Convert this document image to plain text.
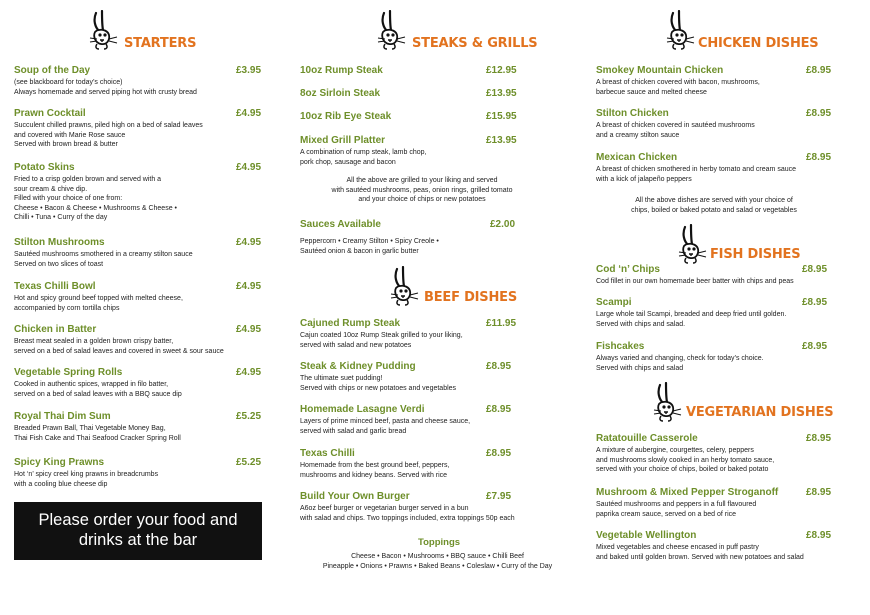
STARTERS
Soup of the Day	£3.95
(see blackboard for today’s choice)
Always homemade and served piping hot with crusty bread
Prawn Cocktail	£4.95
Succulent chilled prawns, piled high on a bed of salad leaves
and covered with Marie Rose sauce
Served with brown bread & butter
Potato Skins	£4.95
Fried to a crisp golden brown and served with a
sour cream & chive dip.
Filled with your choice of one from:
Cheese • Bacon & Cheese • Mushrooms & Cheese •
Chilli • Tuna • Curry of the day
Stilton Mushrooms	£4.95
Sautéed mushrooms smothered in a creamy stilton sauce
Served on two slices of toast
Texas Chilli Bowl	£4.95
Hot and spicy ground beef topped with melted cheese,
accompanied by corn tortilla chips
Chicken in Batter	£4.95
Breast meat sealed in a golden brown crispy batter,
served on a bed of salad leaves and covered in sweet & sour sauce
Vegetable Spring Rolls	£4.95
Cooked in authentic spices, wrapped in filo batter,
served on a bed of salad leaves with a BBQ sauce dip
Royal Thai Dim Sum	£5.25
Breaded Prawn Ball, Thai Vegetable Money Bag,
Thai Fish Cake and Thai Seafood Cracker Spring Roll
Spicy King Prawns	£5.25
Hot ‘n’ spicy creel king prawns in breadcrumbs
with a cooling blue cheese dip
Please order your food and
drinks at the bar
STEAKS & GRILLS
10oz Rump Steak	£12.95
8oz Sirloin Steak	£13.95
10oz Rib Eye Steak	£15.95
Mixed Grill Platter	£13.95
A combination of rump steak, lamb chop,
pork chop, sausage and bacon
All the above are grilled to your liking and served
with sautéed mushrooms, peas, onion rings, grilled tomato
and your choice of chips or new potatoes
Sauces Available	£2.00
Peppercorn • Creamy Stilton • Spicy Creole •
Sautéed onion & bacon in garlic butter
BEEF DISHES
Cajuned Rump Steak	£11.95
Cajun coated 10oz Rump Steak grilled to your liking,
served with salad and new potatoes
Steak & Kidney Pudding	£8.95
The ultimate suet pudding!
Served with chips or new potatoes and vegetables
Homemade Lasagne Verdi	£8.95
Layers of prime minced beef, pasta and cheese sauce,
served with salad and garlic bread
Texas Chilli	£8.95
Homemade from the best ground beef, peppers,
mushrooms and kidney beans. Served with rice
Build Your Own Burger	£7.95
A6oz beef burger or vegetarian burger served in a bun
with salad and chips. Two toppings included, extra toppings 50p each
Toppings
Cheese • Bacon • Mushrooms • BBQ sauce • Chilli Beef
Pineapple • Onions • Prawns • Baked Beans • Coleslaw • Curry of the Day
CHICKEN DISHES
Smokey Mountain Chicken	£8.95
A breast of chicken covered with bacon, mushrooms,
barbecue sauce and melted cheese
Stilton Chicken	£8.95
A breast of chicken covered in sautéed mushrooms
and a creamy stilton sauce
Mexican Chicken	£8.95
A breast of chicken smothered in herby tomato and cream sauce
with a kick of jalapeño peppers
All the above dishes are served with your choice of
chips, boiled or baked potato and salad or vegetables
FISH DISHES
Cod ‘n’ Chips	£8.95
Cod fillet in our own homemade beer batter with chips and peas
Scampi	£8.95
Large whole tail Scampi, breaded and deep fried until golden.
Served with chips and salad.
Fishcakes	£8.95
Always varied and changing, check for today’s choice.
Served with chips and salad
VEGETARIAN DISHES
Ratatouille Casserole	£8.95
A mixture of aubergine, courgettes, celery, peppers
and mushrooms slowly cooked in an herby tomato sauce,
served with your choice of chips, boiled or baked potato
Mushroom & Mixed Pepper Stroganoff	£8.95
Sautéed mushrooms and peppers in a full flavoured
paprika cream sauce, served on a bed of rice
Vegetable Wellington	£8.95
Mixed vegetables and cheese encased in puff pastry
and baked until golden brown. Served with new potatoes and salad
